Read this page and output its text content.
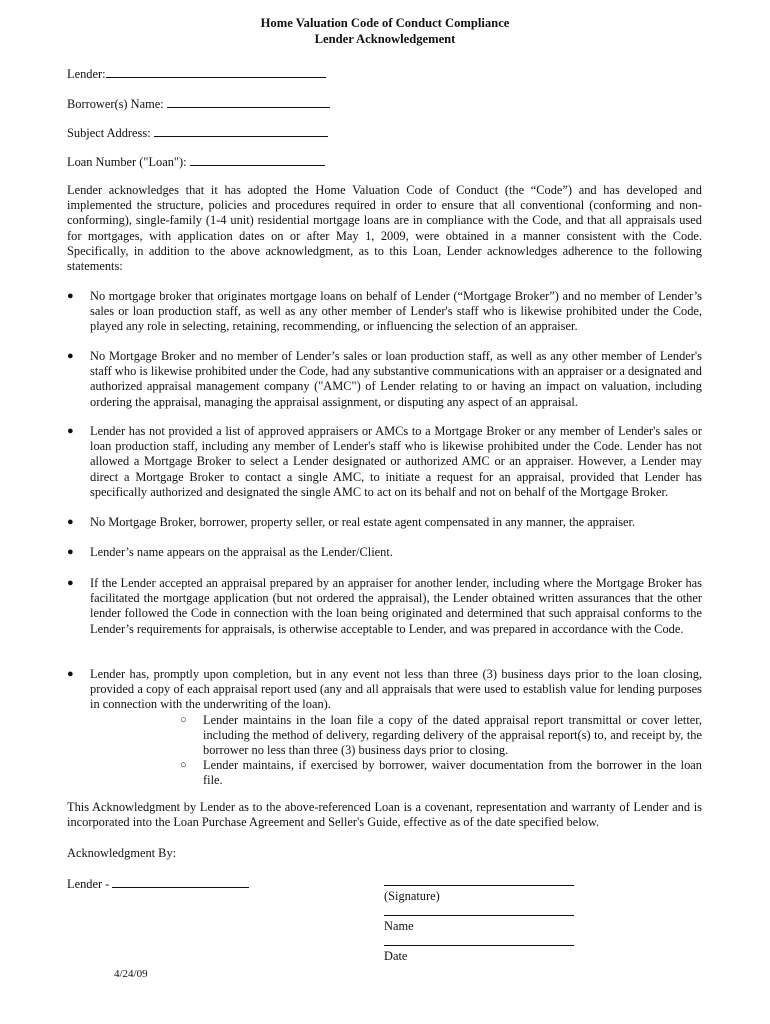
Home Valuation Code of Conduct Compliance
Lender Acknowledgement
Lender:
Borrower(s) Name:
Subject Address:
Loan Number ("Loan"):
Lender acknowledges that it has adopted the Home Valuation Code of Conduct (the “Code”) and has developed and implemented the structure, policies and procedures required in order to ensure that all conventional (conforming and non-conforming), single-family (1-4 unit) residential mortgage loans are in compliance with the Code, and that all appraisals used for mortgages, with application dates on or after May 1, 2009, were obtained in a manner consistent with the Code. Specifically, in addition to the above acknowledgment, as to this Loan, Lender acknowledges adherence to the following statements:
●	No mortgage broker that originates mortgage loans on behalf of Lender (“Mortgage Broker”) and no member of Lender’s sales or loan production staff, as well as any other member of Lender's staff who is likewise prohibited under the Code, played any role in selecting, retaining, recommending, or influencing the selection of an appraiser.
●	No Mortgage Broker and no member of Lender’s sales or loan production staff, as well as any other member of Lender's staff who is likewise prohibited under the Code, had any substantive communications with an appraiser or a designated and authorized appraisal management company ("AMC") of Lender relating to or having an impact on valuation, including ordering the appraisal, managing the appraisal assignment, or disputing any aspect of an appraisal.
●	Lender has not provided a list of approved appraisers or AMCs to a Mortgage Broker or any member of Lender's sales or loan production staff, including any member of Lender's staff who is likewise prohibited under the Code. Lender has not allowed a Mortgage Broker to select a Lender designated or authorized AMC or an appraiser. However, a Lender may direct a Mortgage Broker to contact a single AMC, to initiate a request for an appraisal, provided that Lender has specifically authorized and designated the single AMC to act on its behalf and not on behalf of the Mortgage Broker.
●	No Mortgage Broker, borrower, property seller, or real estate agent compensated in any manner, the appraiser.
●	Lender’s name appears on the appraisal as the Lender/Client.
●	If the Lender accepted an appraisal prepared by an appraiser for another lender, including where the Mortgage Broker has facilitated the mortgage application (but not ordered the appraisal), the Lender obtained written assurances that the other lender followed the Code in connection with the loan being originated and determined that such appraisal conforms to the Lender’s requirements for appraisals, is otherwise acceptable to Lender, and was prepared in accordance with the Code.
●	Lender has, promptly upon completion, but in any event not less than three (3) business days prior to the loan closing, provided a copy of each appraisal report used (any and all appraisals that were used to establish value for lending purposes in connection with the underwriting of the loan).
○ Lender maintains in the loan file a copy of the dated appraisal report transmittal or cover letter, including the method of delivery, regarding delivery of the appraisal report(s) to, and receipt by, the borrower no less than three (3) business days prior to closing.
○ Lender maintains, if exercised by borrower, waiver documentation from the borrower in the loan file.
This Acknowledgment by Lender as to the above-referenced Loan is a covenant, representation and warranty of Lender and is incorporated into the Loan Purchase Agreement and Seller's Guide, effective as of the date specified below.
Acknowledgment By:
Lender -
(Signature)
Name
Date
4/24/09
